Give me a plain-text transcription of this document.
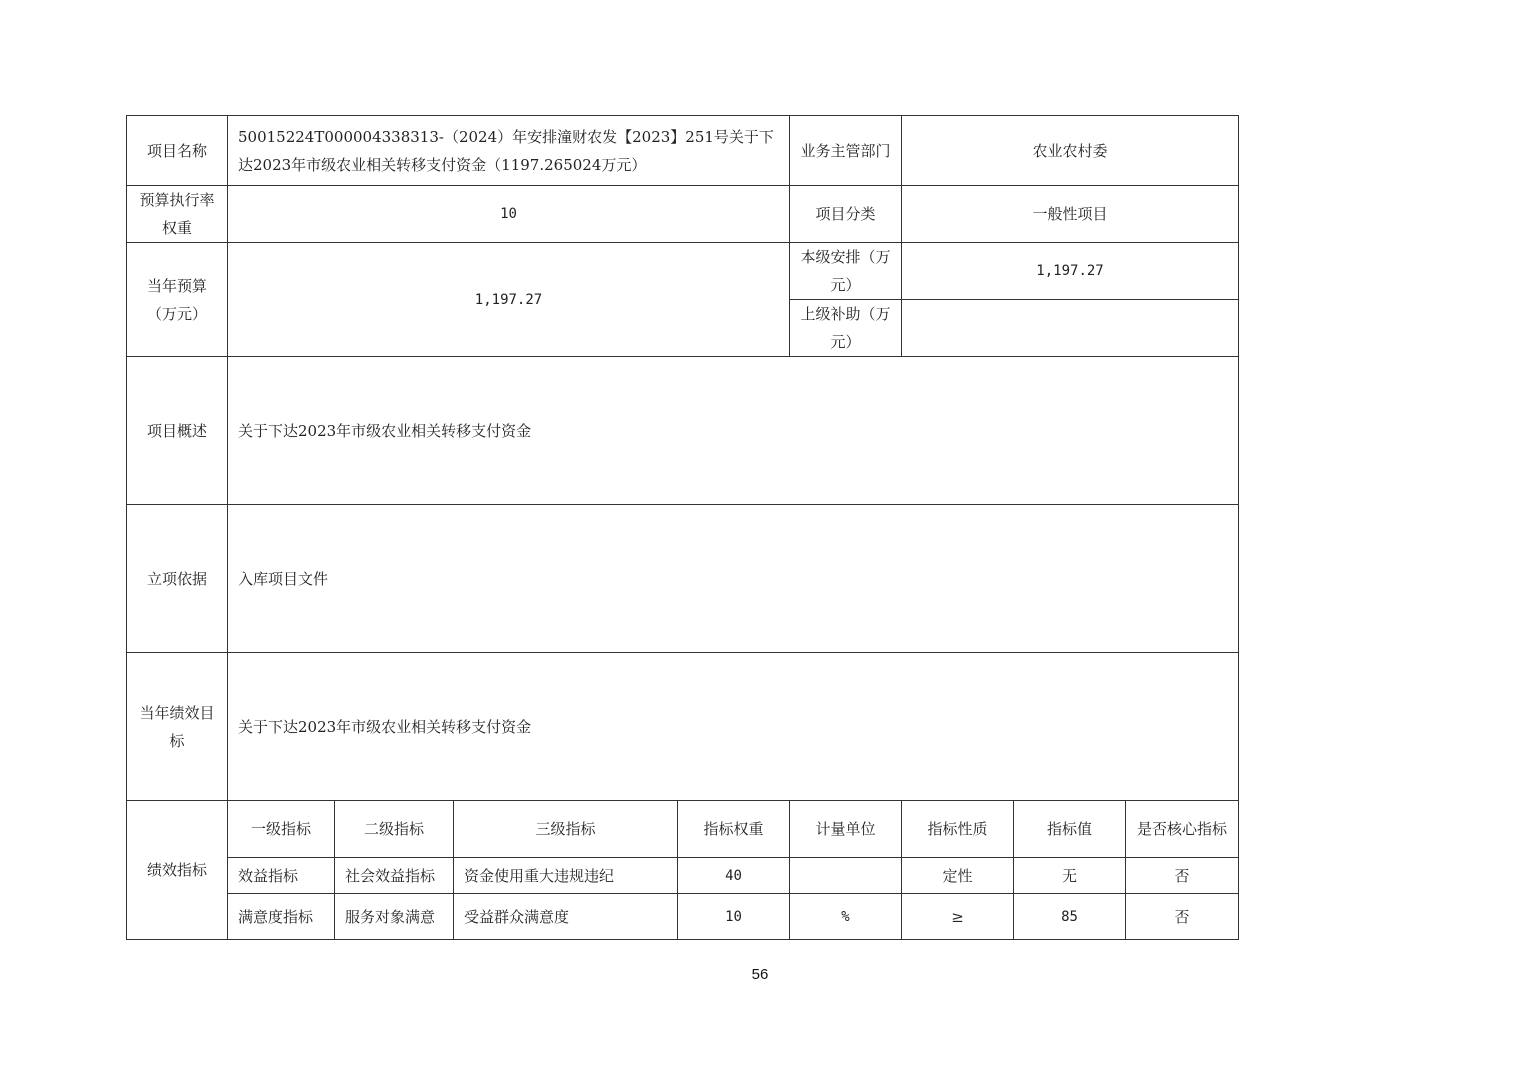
项目名称	50015224T000004338313-（2024）年安排潼财农发【2023】251号关于下达2023年市级农业相关转移支付资金（1197.265024万元）				业务主管部门	农业农村委		
预算执行率权重	10				项目分类	一般性项目		
当年预算（万元）	1,197.27				本级安排（万元）	1,197.27		
					上级补助（万元）			
项目概述	关于下达2023年市级农业相关转移支付资金							
立项依据	入库项目文件							
当年绩效目标	关于下达2023年市级农业相关转移支付资金							
绩效指标	一级指标	二级指标	三级指标	指标权重	计量单位	指标性质	指标值	是否核心指标
	效益指标	社会效益指标	资金使用重大违规违纪	40		定性	无	否
	满意度指标	服务对象满意	受益群众满意度	10	%	≥	85	否
56
